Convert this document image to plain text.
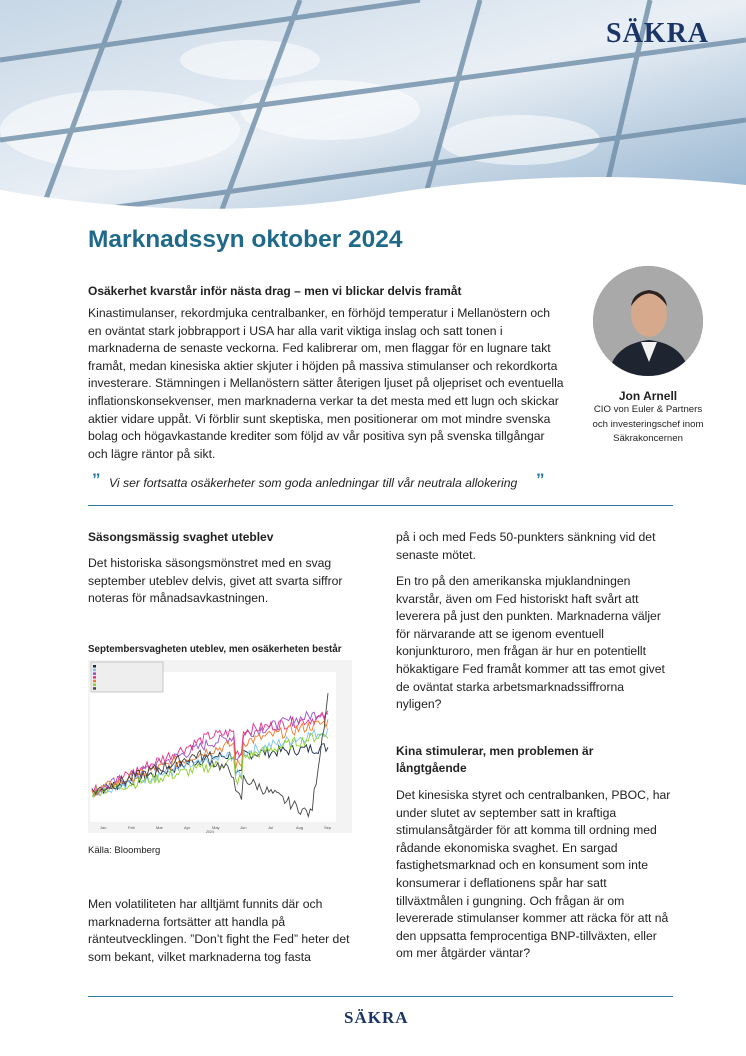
SÄKRA
Marknadssyn oktober 2024
Osäkerhet kvarstår inför nästa drag – men vi blickar delvis framåt
Kinastimulanser, rekordmjuka centralbanker, en förhöjd temperatur i Mellanöstern och en oväntat stark jobbrapport i USA har alla varit viktiga inslag och satt tonen i marknaderna de senaste veckorna. Fed kalibrerar om, men flaggar för en lugnare takt framåt, medan kinesiska aktier skjuter i höjden på massiva stimulanser och rekordkorta investerare. Stämningen i Mellanöstern sätter återigen ljuset på oljepriset och eventuella inflationskonsekvenser, men marknaderna verkar ta det mesta med ett lugn och skickar aktier vidare uppåt. Vi förblir sunt skeptiska, men positionerar om mot mindre svenska bolag och högavkastande krediter som följd av vår positiva syn på svenska tillgångar och lägre räntor på sikt.
Jon Arnell
CIO von Euler & Partners
och investeringschef inom
Säkrakoncernen
” Vi ser fortsatta osäkerheter som goda anledningar till vår neutrala allokering ”
Säsongsmässig svaghet uteblev
Det historiska säsongsmönstret med en svag september uteblev delvis, givet att svarta siffror noteras för månadsavkastningen.
Septembersvagheten uteblev, men osäkerheten består
Jan	Feb	Mar	Apr	May	Jun	Jul	Aug	Sep
2024
Källa: Bloomberg
Men volatiliteten har alltjämt funnits där och marknaderna fortsätter att handla på ränteutvecklingen. ”Don’t fight the Fed” heter det som bekant, vilket marknaderna tog fasta
på i och med Feds 50-punkters sänkning vid det senaste mötet.
En tro på den amerikanska mjuklandningen kvarstår, även om Fed historiskt haft svårt att leverera på just den punkten. Marknaderna väljer för närvarande att se igenom eventuell konjunkturoro, men frågan är hur en potentiellt hökaktigare Fed framåt kommer att tas emot givet de oväntat starka arbetsmarknadssiffrorna nyligen?
Kina stimulerar, men problemen är långtgående
Det kinesiska styret och centralbanken, PBOC, har under slutet av september satt in kraftiga stimulansåtgärder för att komma till ordning med rådande ekonomiska svaghet. En sargad fastighetsmarknad och en konsument som inte konsumerar i deflationens spår har satt tillväxtmålen i gungning. Och frågan är om levererade stimulanser kommer att räcka för att nå den uppsatta femprocentiga BNP-tillväxten, eller om mer åtgärder väntar?
SÄKRA
